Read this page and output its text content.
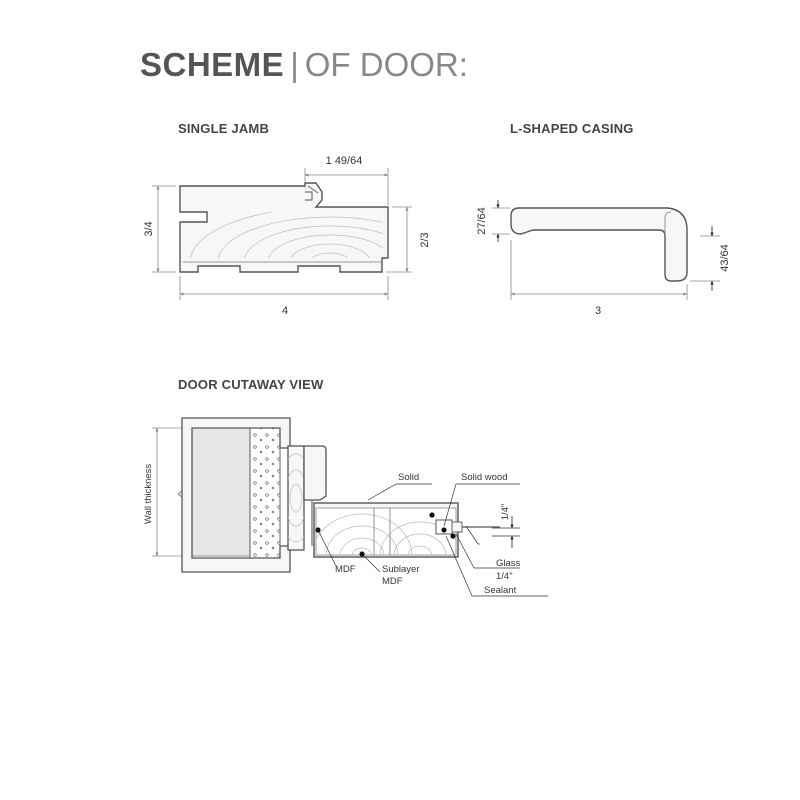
SCHEME | OF DOOR:
SINGLE JAMB	L-SHAPED CASING
DOOR CUTAWAY VIEW
1 49/64
3/4
2/3
4
27/64
43/64
3
Wall thickness	Solid	Solid wood
1/4"
Glass
1/4"
Sealant
MDF	Sublayer
MDF
